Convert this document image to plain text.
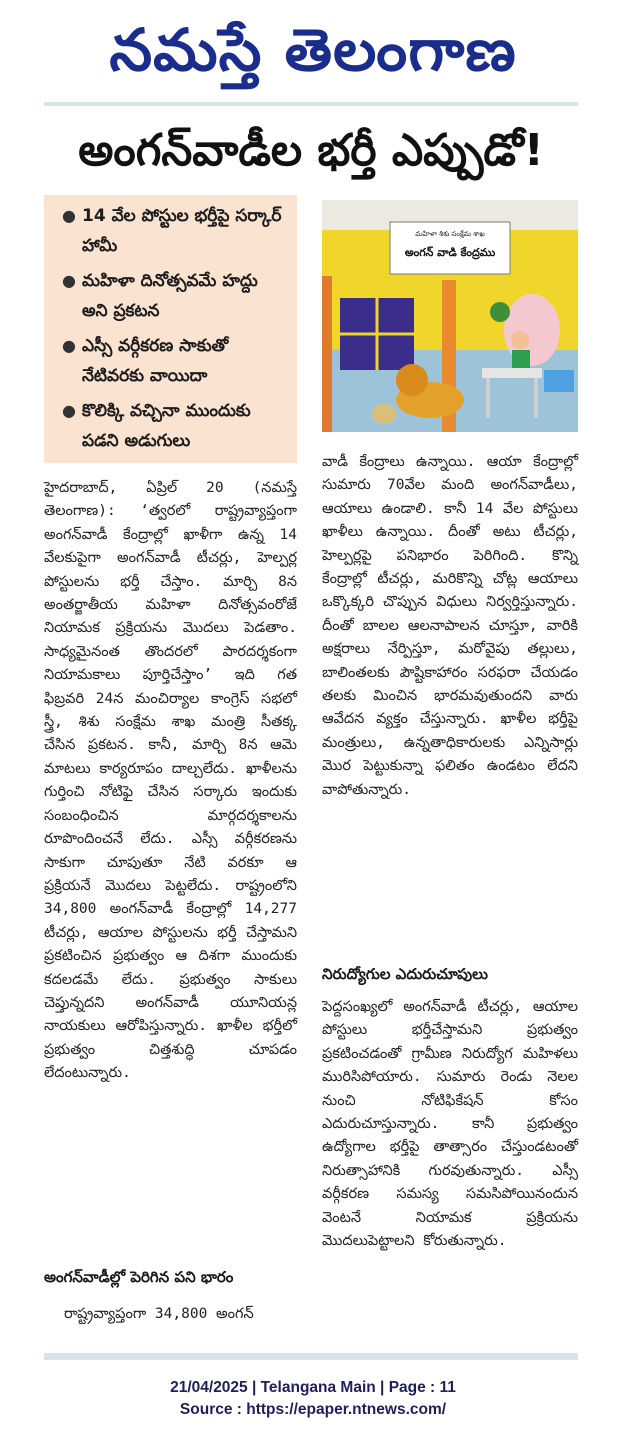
నమస్తే తెలంగాణ
అంగన్‌వాడీల భర్తీ ఎప్పుడో!
● 14 వేల పోస్టుల భర్తీపై సర్కార్ హామీ
● మహిళా దినోత్సవమే హద్దు అని ప్రకటన
● ఎస్సీ వర్గీకరణ సాకుతో నేటివరకు వాయిదా
● కొలిక్కి వచ్చినా ముందుకు పడని అడుగులు
మహిళా శిశు సంక్షేమ శాఖ
అంగన్ వాడి కేంద్రము

హైదరాబాద్, ఏప్రిల్ 20 (నమస్తే తెలంగాణ): ‘త్వరలో రాష్ట్రవ్యాప్తంగా అంగన్‌వాడీ కేంద్రాల్లో ఖాళీగా ఉన్న 14 వేలకుపైగా అంగన్‌వాడీ టీచర్లు, హెల్పర్ల పోస్టులను భర్తీ చేస్తాం. మార్చి 8న అంతర్జాతీయ మహిళా దినోత్సవంరోజే నియామక ప్రక్రియను మొదలు పెడతాం. సాధ్యమైనంత తొందరలో పారదర్శకంగా నియామకాలు పూర్తిచేస్తాం’ ఇది గత ఫిబ్రవరి 24న మంచిర్యాల కాంగ్రెస్ సభలో స్త్రీ, శిశు సంక్షేమ శాఖ మంత్రి సీతక్క చేసిన ప్రకటన. కానీ, మార్చి 8న ఆమె మాటలు కార్యరూపం దాల్చలేదు. ఖాళీలను గుర్తించి నోటిఫై చేసిన సర్కారు ఇందుకు సంబంధించిన మార్గదర్శకాలను రూపొందించనే లేదు. ఎస్సీ వర్గీకరణను సాకుగా చూపుతూ నేటి వరకూ ఆ ప్రక్రియనే మొదలు పెట్టలేదు. రాష్ట్రంలోని 34,800 అంగన్‌వాడీ కేంద్రాల్లో 14,277 టీచర్లు, ఆయాల పోస్టులను భర్తీ చేస్తామని ప్రకటించిన ప్రభుత్వం ఆ దిశగా ముందుకు కదలడమే లేదు. ప్రభుత్వం సాకులు చెప్తున్నదని అంగన్‌వాడీ యూనియన్ల నాయకులు ఆరోపిస్తున్నారు. ఖాళీల భర్తీలో ప్రభుత్వం చిత్తశుద్ధి చూపడం లేదంటున్నారు.

అంగన్‌వాడీల్లో పెరిగిన పని భారం

రాష్ట్రవ్యాప్తంగా 34,800 అంగన్

వాడీ కేంద్రాలు ఉన్నాయి. ఆయా కేంద్రాల్లో సుమారు 70వేల మంది అంగన్‌వాడీలు, ఆయాలు ఉండాలి. కానీ 14 వేల పోస్టులు ఖాళీలు ఉన్నాయి. దీంతో అటు టీచర్లు, హెల్పర్లపై పనిభారం పెరిగింది. కొన్ని కేంద్రాల్లో టీచర్లు, మరికొన్ని చోట్ల ఆయాలు ఒక్కొక్కరి చొప్పున విధులు నిర్వర్తిస్తున్నారు. దీంతో బాలల ఆలనాపాలన చూస్తూ, వారికి అక్షరాలు నేర్పిస్తూ, మరోవైపు తల్లులు, బాలింతలకు పౌష్టికాహారం సరఫరా చేయడం తలకు మించిన భారమవుతుందని వారు ఆవేదన వ్యక్తం చేస్తున్నారు. ఖాళీల భర్తీపై మంత్రులు, ఉన్నతాధికారులకు ఎన్నిసార్లు మొర పెట్టుకున్నా ఫలితం ఉండటం లేదని వాపోతున్నారు.

నిరుద్యోగుల ఎదురుచూపులు

పెద్దసంఖ్యలో అంగన్‌వాడీ టీచర్లు, ఆయాల పోస్టులు భర్తీచేస్తామని ప్రభుత్వం ప్రకటించడంతో గ్రామీణ నిరుద్యోగ మహిళలు మురిసిపోయారు. సుమారు రెండు నెలల నుంచి నోటిఫికేషన్ కోసం ఎదురుచూస్తున్నారు. కానీ ప్రభుత్వం ఉద్యోగాల భర్తీపై తాత్సారం చేస్తుండటంతో నిరుత్సాహానికి గురవుతున్నారు. ఎస్సీ వర్గీకరణ సమస్య సమసిపోయినందున వెంటనే నియామక ప్రక్రియను మొదలుపెట్టాలని కోరుతున్నారు.

21/04/2025 | Telangana Main | Page : 11
Source : https://epaper.ntnews.com/
